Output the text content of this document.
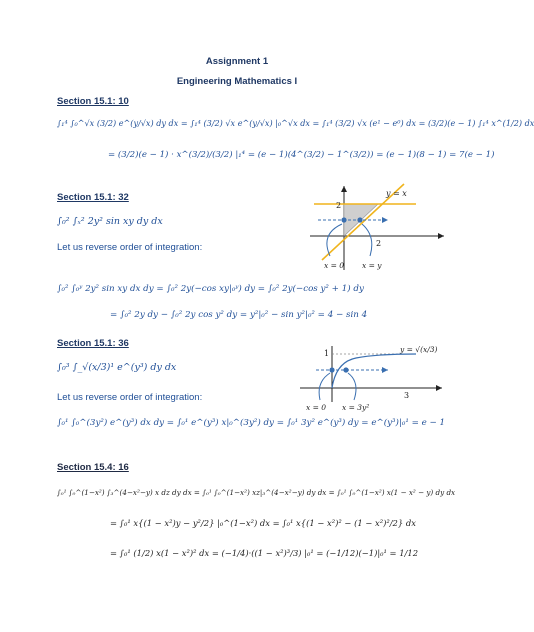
Assignment 1
Engineering Mathematics I
Section 15.1: 10
∫₁⁴ ∫₀^√x (3/2) e^(y/√x) dy dx = ∫₁⁴ (3/2) √x e^(y/√x) |₀^√x dx = ∫₁⁴ (3/2) √x (e¹ − e⁰) dx = (3/2)(e − 1) ∫₁⁴ x^(1/2) dx
= (3/2)(e − 1) · x^(3/2)/(3/2) |₁⁴ = (e − 1)(4^(3/2) − 1^(3/2)) = (e − 1)(8 − 1) = 7(e − 1)
Section 15.1: 32
∫₀² ∫ₓ² 2y² sin xy dy dx
Let us reverse order of integration:
∫₀² ∫₀ʸ 2y² sin xy dx dy = ∫₀² 2y(−cos xy|₀ʸ) dy = ∫₀² 2y(−cos y² + 1) dy
= ∫₀² 2y dy − ∫₀² 2y cos y² dy = y²|₀² − sin y²|₀² = 4 − sin 4
2
2
y = x
x = 0 x = y
Section 15.1: 36
∫₀³ ∫_√(x/3)¹ e^(y³) dy dx
Let us reverse order of integration:
∫₀¹ ∫₀^(3y²) e^(y³) dx dy = ∫₀¹ e^(y³) x|₀^(3y²) dy = ∫₀¹ 3y² e^(y³) dy = e^(y³)|₀¹ = e − 1
1
3
y = √(x/3)
x = 0 x = 3y²
Section 15.4: 16
∫₀¹ ∫₀^(1−x²) ∫₃^(4−x²−y) x dz dy dx = ∫₀¹ ∫₀^(1−x²) xz|₃^(4−x²−y) dy dx = ∫₀¹ ∫₀^(1−x²) x(1 − x² − y) dy dx
= ∫₀¹ x{(1 − x²)y − y²/2} |₀^(1−x²) dx = ∫₀¹ x{(1 − x²)² − (1 − x²)²/2} dx
= ∫₀¹ (1/2) x(1 − x²)² dx = (−1/4)·((1 − x²)³/3) |₀¹ = (−1/12)(−1)|₀¹ = 1/12
